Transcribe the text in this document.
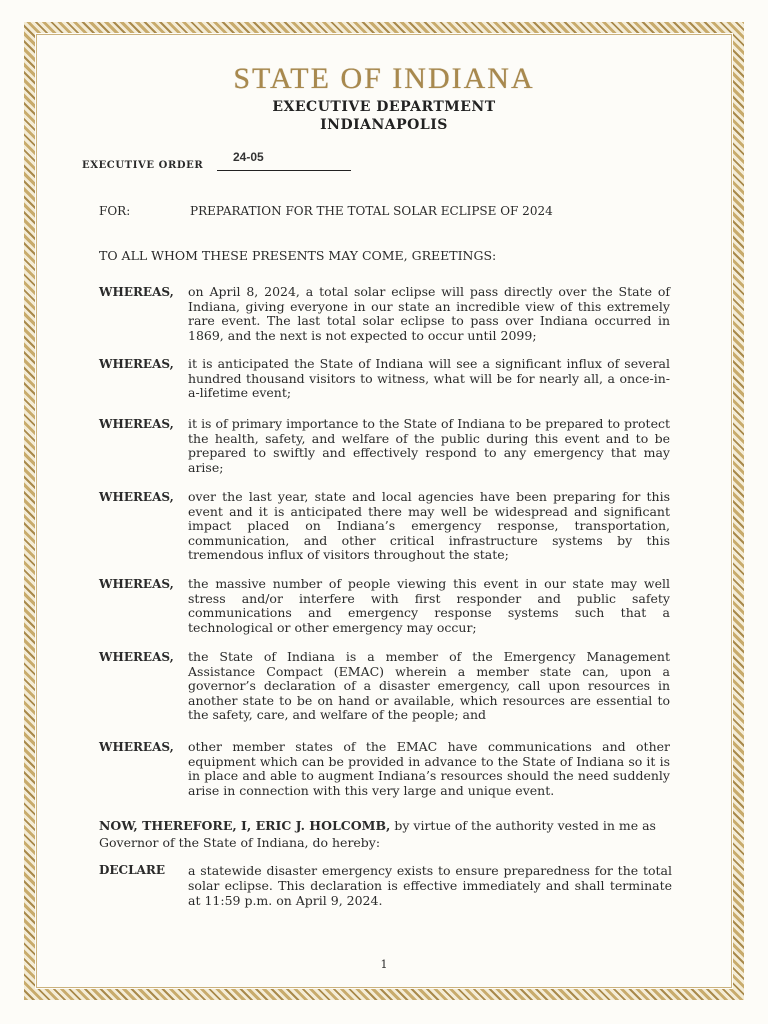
STATE OF INDIANA
EXECUTIVE DEPARTMENT
INDIANAPOLIS
EXECUTIVE ORDER
24-05
FOR:	PREPARATION FOR THE TOTAL SOLAR ECLIPSE OF 2024
TO ALL WHOM THESE PRESENTS MAY COME, GREETINGS:
WHEREAS, on April 8, 2024, a total solar eclipse will pass directly over the State of Indiana, giving everyone in our state an incredible view of this extremely rare event. The last total solar eclipse to pass over Indiana occurred in 1869, and the next is not expected to occur until 2099;
WHEREAS, it is anticipated the State of Indiana will see a significant influx of several hundred thousand visitors to witness, what will be for nearly all, a once-in-a-lifetime event;
WHEREAS, it is of primary importance to the State of Indiana to be prepared to protect the health, safety, and welfare of the public during this event and to be prepared to swiftly and effectively respond to any emergency that may arise;
WHEREAS, over the last year, state and local agencies have been preparing for this event and it is anticipated there may well be widespread and significant impact placed on Indiana’s emergency response, transportation, communication, and other critical infrastructure systems by this tremendous influx of visitors throughout the state;
WHEREAS, the massive number of people viewing this event in our state may well stress and/or interfere with first responder and public safety communications and emergency response systems such that a technological or other emergency may occur;
WHEREAS, the State of Indiana is a member of the Emergency Management Assistance Compact (EMAC) wherein a member state can, upon a governor’s declaration of a disaster emergency, call upon resources in another state to be on hand or available, which resources are essential to the safety, care, and welfare of the people; and
WHEREAS, other member states of the EMAC have communications and other equipment which can be provided in advance to the State of Indiana so it is in place and able to augment Indiana’s resources should the need suddenly arise in connection with this very large and unique event.
NOW, THEREFORE, I, ERIC J. HOLCOMB, by virtue of the authority vested in me as Governor of the State of Indiana, do hereby:
DECLARE a statewide disaster emergency exists to ensure preparedness for the total solar eclipse. This declaration is effective immediately and shall terminate at 11:59 p.m. on April 9, 2024.
1
